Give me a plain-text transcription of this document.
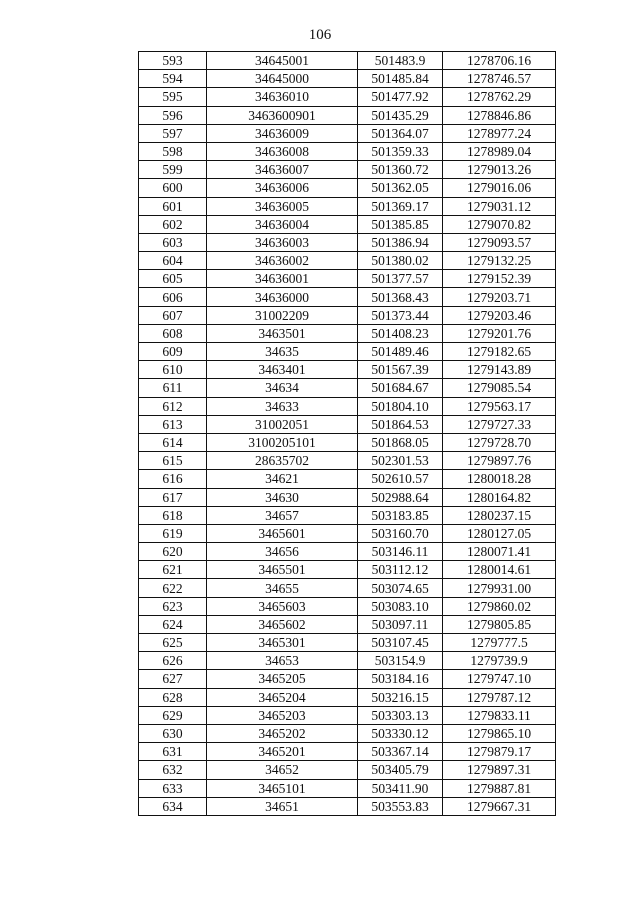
106
593	34645001	501483.9	1278706.16
594	34645000	501485.84	1278746.57
595	34636010	501477.92	1278762.29
596	3463600901	501435.29	1278846.86
597	34636009	501364.07	1278977.24
598	34636008	501359.33	1278989.04
599	34636007	501360.72	1279013.26
600	34636006	501362.05	1279016.06
601	34636005	501369.17	1279031.12
602	34636004	501385.85	1279070.82
603	34636003	501386.94	1279093.57
604	34636002	501380.02	1279132.25
605	34636001	501377.57	1279152.39
606	34636000	501368.43	1279203.71
607	31002209	501373.44	1279203.46
608	3463501	501408.23	1279201.76
609	34635	501489.46	1279182.65
610	3463401	501567.39	1279143.89
611	34634	501684.67	1279085.54
612	34633	501804.10	1279563.17
613	31002051	501864.53	1279727.33
614	3100205101	501868.05	1279728.70
615	28635702	502301.53	1279897.76
616	34621	502610.57	1280018.28
617	34630	502988.64	1280164.82
618	34657	503183.85	1280237.15
619	3465601	503160.70	1280127.05
620	34656	503146.11	1280071.41
621	3465501	503112.12	1280014.61
622	34655	503074.65	1279931.00
623	3465603	503083.10	1279860.02
624	3465602	503097.11	1279805.85
625	3465301	503107.45	1279777.5
626	34653	503154.9	1279739.9
627	3465205	503184.16	1279747.10
628	3465204	503216.15	1279787.12
629	3465203	503303.13	1279833.11
630	3465202	503330.12	1279865.10
631	3465201	503367.14	1279879.17
632	34652	503405.79	1279897.31
633	3465101	503411.90	1279887.81
634	34651	503553.83	1279667.31
